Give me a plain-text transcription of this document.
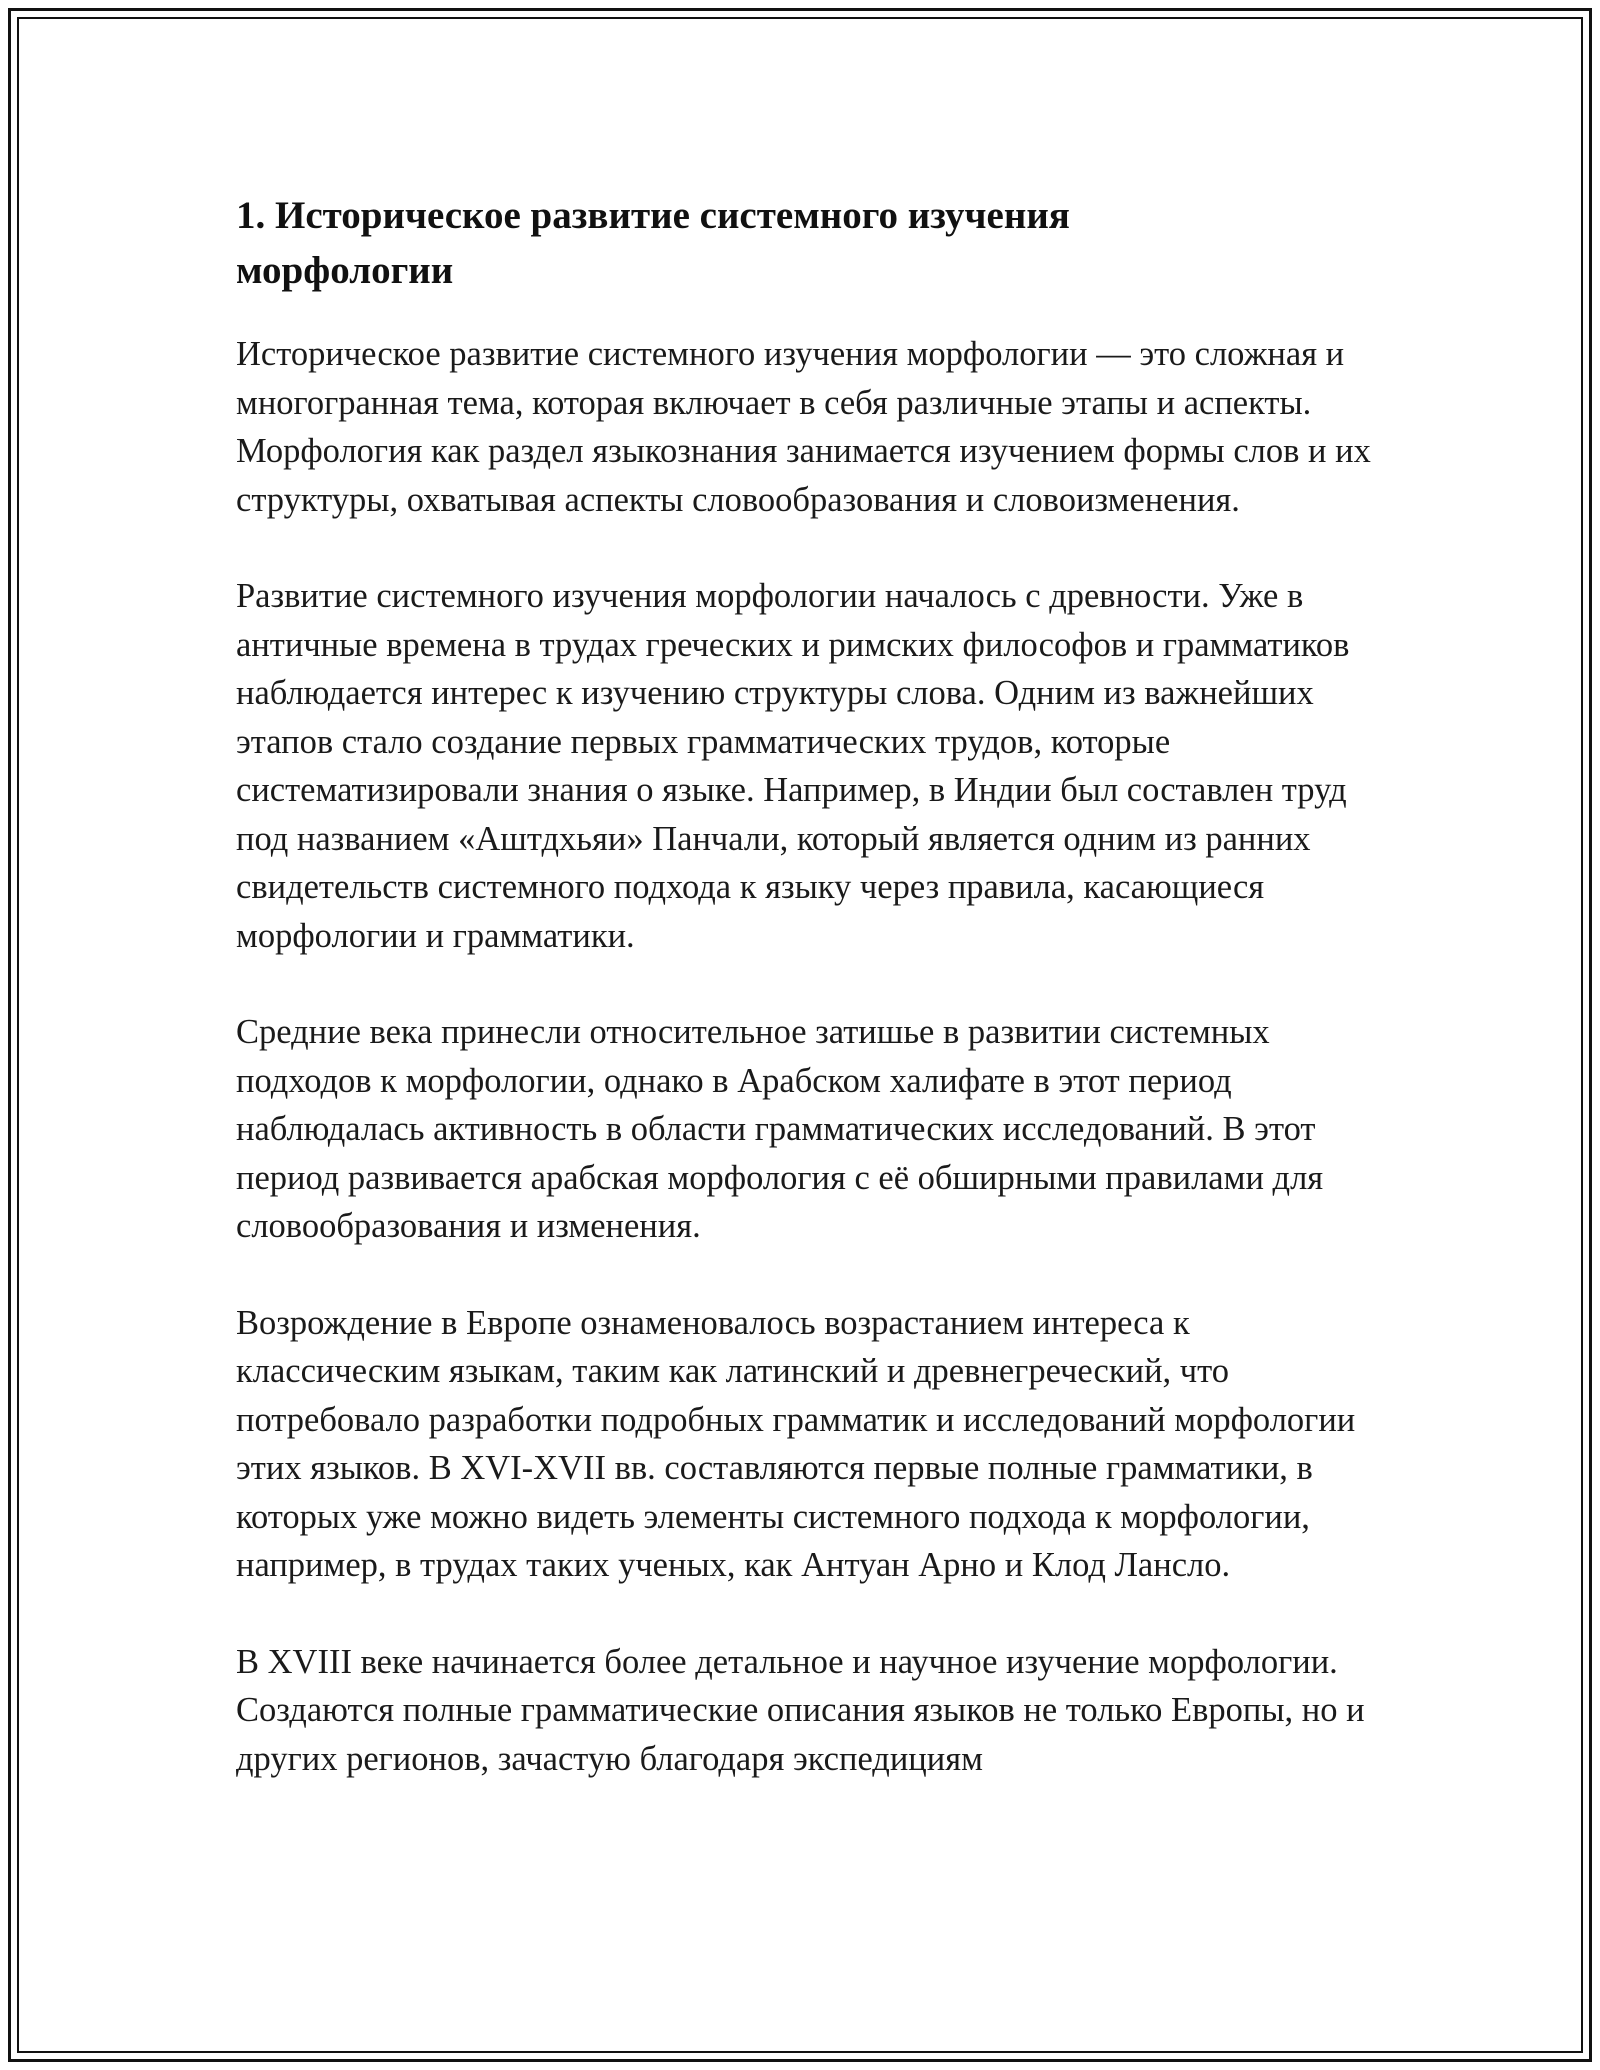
1. Историческое развитие системного изучения морфологии

Историческое развитие системного изучения морфологии — это сложная и многогранная тема, которая включает в себя различные этапы и аспекты. Морфология как раздел языкознания занимается изучением формы слов и их структуры, охватывая аспекты словообразования и словоизменения.

Развитие системного изучения морфологии началось с древности. Уже в античные времена в трудах греческих и римских философов и грамматиков наблюдается интерес к изучению структуры слова. Одним из важнейших этапов стало создание первых грамматических трудов, которые систематизировали знания о языке. Например, в Индии был составлен труд под названием «Аштдхьяи» Панчали, который является одним из ранних свидетельств системного подхода к языку через правила, касающиеся морфологии и грамматики.

Средние века принесли относительное затишье в развитии системных подходов к морфологии, однако в Арабском халифате в этот период наблюдалась активность в области грамматических исследований. В этот период развивается арабская морфология с её обширными правилами для словообразования и изменения.

Возрождение в Европе ознаменовалось возрастанием интереса к классическим языкам, таким как латинский и древнегреческий, что потребовало разработки подробных грамматик и исследований морфологии этих языков. В XVI-XVII вв. составляются первые полные грамматики, в которых уже можно видеть элементы системного подхода к морфологии, например, в трудах таких ученых, как Антуан Арно и Клод Лансло.

В XVIII веке начинается более детальное и научное изучение морфологии. Создаются полные грамматические описания языков не только Европы, но и других регионов, зачастую благодаря экспедициям
